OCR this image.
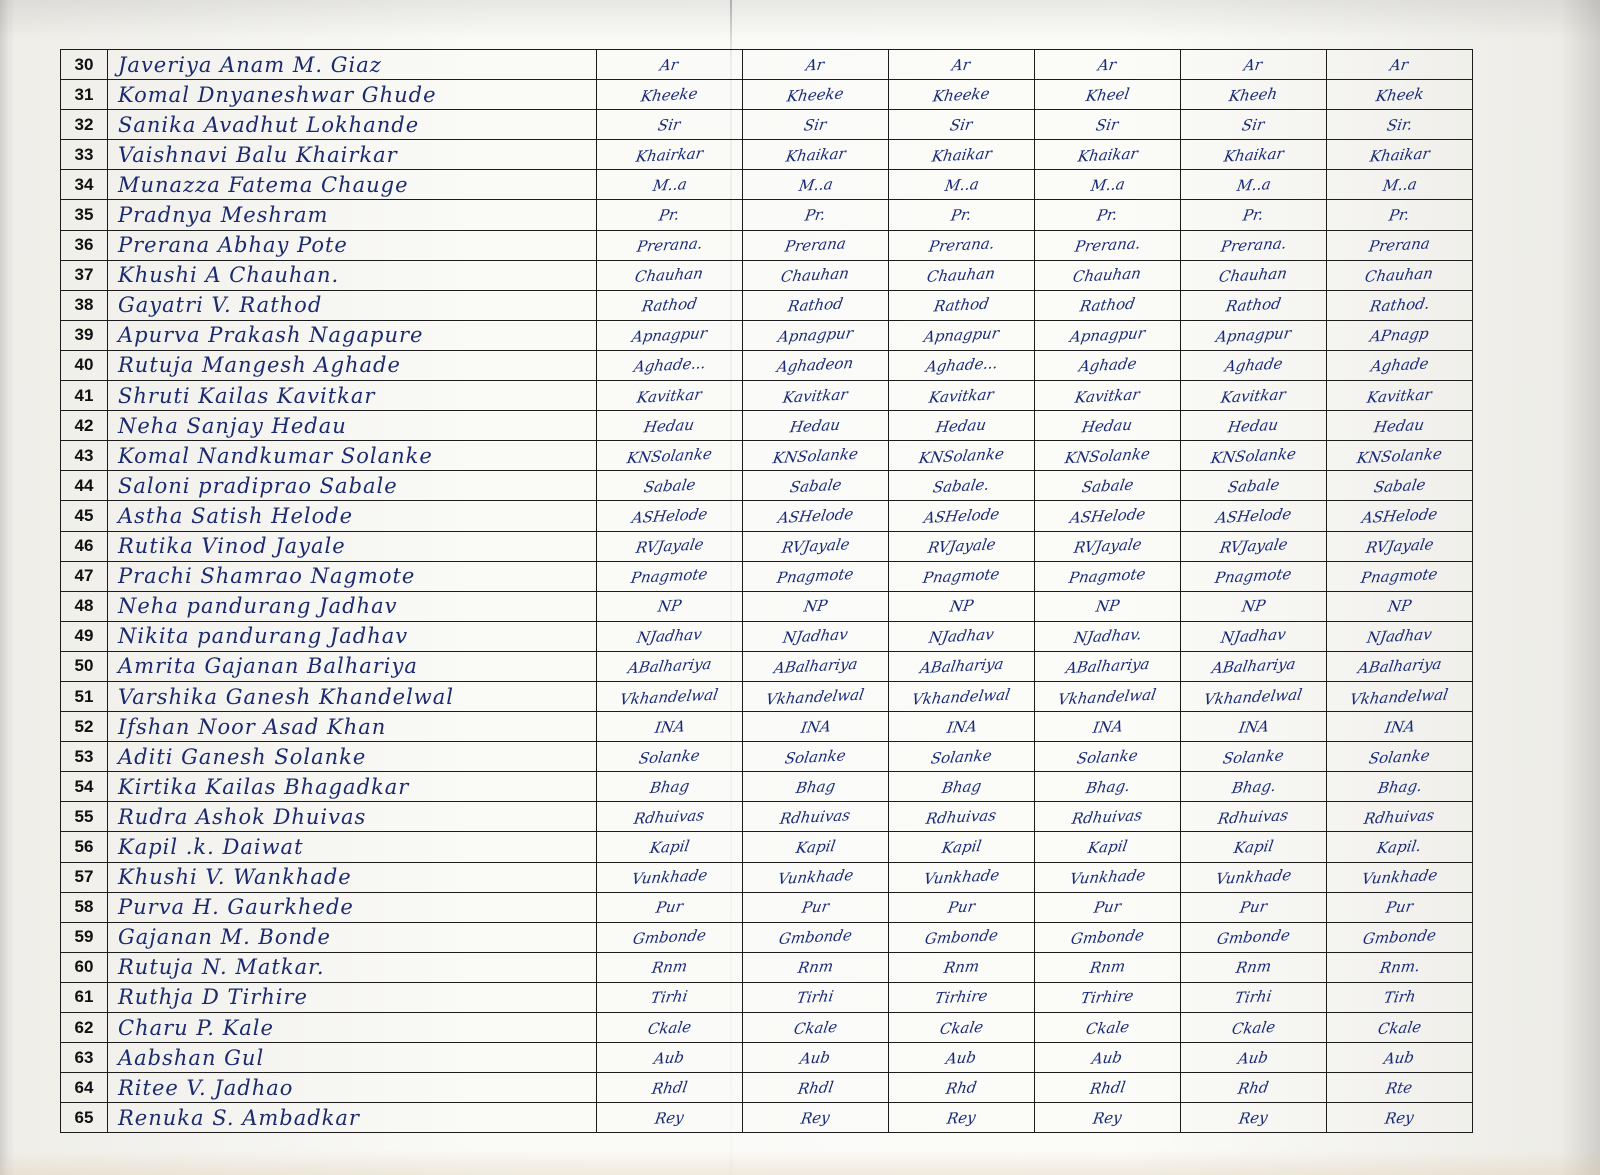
30	Javeriya Anam M. Giaz	Ar	Ar	Ar	Ar	Ar	Ar
31	Komal Dnyaneshwar Ghude	Kheeke	Kheeke	Kheeke	Kheel	Kheeh	Kheek
32	Sanika Avadhut Lokhande	Sir	Sir	Sir	Sir	Sir	Sir.
33	Vaishnavi Balu Khairkar	Khairkar	Khaikar	Khaikar	Khaikar	Khaikar	Khaikar
34	Munazza Fatema Chauge	M..a	M..a	M..a	M..a	M..a	M..a
35	Pradnya Meshram	Pr.	Pr.	Pr.	Pr.	Pr.	Pr.
36	Prerana Abhay Pote	Prerana.	Prerana	Prerana.	Prerana.	Prerana.	Prerana
37	Khushi A Chauhan.	Chauhan	Chauhan	Chauhan	Chauhan	Chauhan	Chauhan
38	Gayatri V. Rathod	Rathod	Rathod	Rathod	Rathod	Rathod	Rathod.
39	Apurva Prakash Nagapure	Apnagpur	Apnagpur	Apnagpur	Apnagpur	Apnagpur	APnagp
40	Rutuja Mangesh Aghade	Aghade...	Aghadeon	Aghade...	Aghade	Aghade	Aghade
41	Shruti Kailas Kavitkar	Kavitkar	Kavitkar	Kavitkar	Kavitkar	Kavitkar	Kavitkar
42	Neha Sanjay Hedau	Hedau	Hedau	Hedau	Hedau	Hedau	Hedau
43	Komal Nandkumar Solanke	KNSolanke	KNSolanke	KNSolanke	KNSolanke	KNSolanke	KNSolanke
44	Saloni pradiprao Sabale	Sabale	Sabale	Sabale.	Sabale	Sabale	Sabale
45	Astha Satish Helode	ASHelode	ASHelode	ASHelode	ASHelode	ASHelode	ASHelode
46	Rutika Vinod Jayale	RVJayale	RVJayale	RVJayale	RVJayale	RVJayale	RVJayale
47	Prachi Shamrao Nagmote	Pnagmote	Pnagmote	Pnagmote	Pnagmote	Pnagmote	Pnagmote
48	Neha pandurang Jadhav	NP	NP	NP	NP	NP	NP
49	Nikita pandurang Jadhav	NJadhav	NJadhav	NJadhav	NJadhav.	NJadhav	NJadhav
50	Amrita Gajanan Balhariya	ABalhariya	ABalhariya	ABalhariya	ABalhariya	ABalhariya	ABalhariya
51	Varshika Ganesh Khandelwal	Vkhandelwal	Vkhandelwal	Vkhandelwal	Vkhandelwal	Vkhandelwal	Vkhandelwal
52	Ifshan Noor Asad Khan	INA	INA	INA	INA	INA	INA
53	Aditi Ganesh Solanke	Solanke	Solanke	Solanke	Solanke	Solanke	Solanke
54	Kirtika Kailas Bhagadkar	Bhag	Bhag	Bhag	Bhag.	Bhag.	Bhag.
55	Rudra Ashok Dhuivas	Rdhuivas	Rdhuivas	Rdhuivas	Rdhuivas	Rdhuivas	Rdhuivas
56	Kapil .k. Daiwat	Kapil	Kapil	Kapil	Kapil	Kapil	Kapil.
57	Khushi V. Wankhade	Vunkhade	Vunkhade	Vunkhade	Vunkhade	Vunkhade	Vunkhade
58	Purva H. Gaurkhede	Pur	Pur	Pur	Pur	Pur	Pur
59	Gajanan M. Bonde	Gmbonde	Gmbonde	Gmbonde	Gmbonde	Gmbonde	Gmbonde
60	Rutuja N. Matkar.	Rnm	Rnm	Rnm	Rnm	Rnm	Rnm.
61	Ruthja D Tirhire	Tirhi	Tirhi	Tirhire	Tirhire	Tirhi	Tirh
62	Charu P. Kale	Ckale	Ckale	Ckale	Ckale	Ckale	Ckale
63	Aabshan Gul	Aub	Aub	Aub	Aub	Aub	Aub
64	Ritee V. Jadhao	Rhdl	Rhdl	Rhd	Rhdl	Rhd	Rte
65	Renuka S. Ambadkar	Rey	Rey	Rey	Rey	Rey	Rey
